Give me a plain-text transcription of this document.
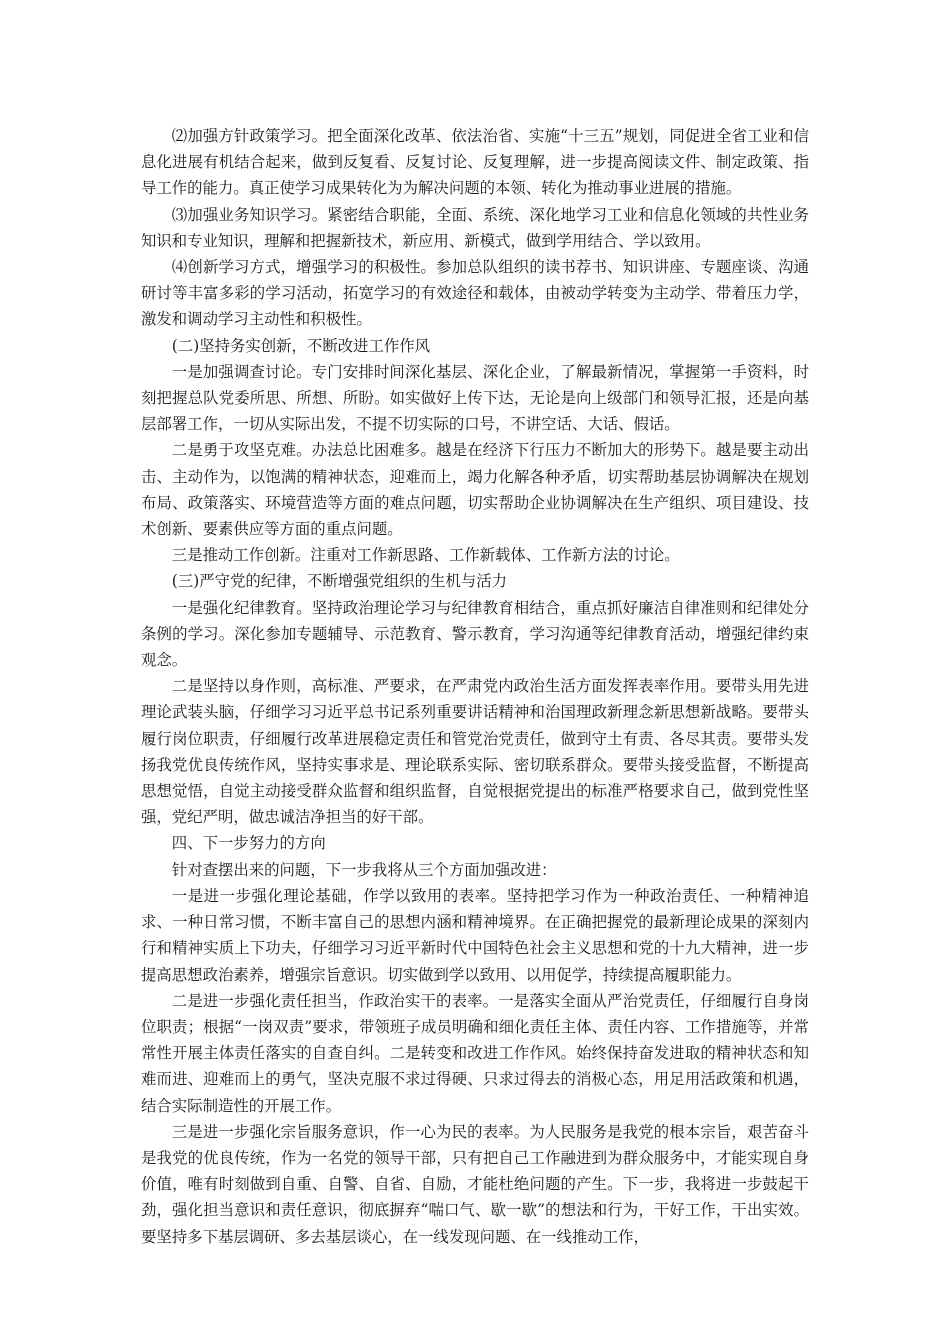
⑵加强方针政策学习。把全面深化改革、依法治省、实施“十三五”规划，同促进全省工业和信息化进展有机结合起来，做到反复看、反复讨论、反复理解，进一步提高阅读文件、制定政策、指导工作的能力。真正使学习成果转化为为解决问题的本领、转化为推动事业进展的措施。

⑶加强业务知识学习。紧密结合职能，全面、系统、深化地学习工业和信息化领域的共性业务知识和专业知识，理解和把握新技术，新应用、新模式，做到学用结合、学以致用。

⑷创新学习方式，增强学习的积极性。参加总队组织的读书荐书、知识讲座、专题座谈、沟通研讨等丰富多彩的学习活动，拓宽学习的有效途径和载体，由被动学转变为主动学、带着压力学，激发和调动学习主动性和积极性。

(二)坚持务实创新，不断改进工作作风

一是加强调查讨论。专门安排时间深化基层、深化企业，了解最新情况，掌握第一手资料，时刻把握总队党委所思、所想、所盼。如实做好上传下达，无论是向上级部门和领导汇报，还是向基层部署工作，一切从实际出发，不提不切实际的口号，不讲空话、大话、假话。

二是勇于攻坚克难。办法总比困难多。越是在经济下行压力不断加大的形势下。越是要主动出击、主动作为，以饱满的精神状态，迎难而上，竭力化解各种矛盾，切实帮助基层协调解决在规划布局、政策落实、环境营造等方面的难点问题，切实帮助企业协调解决在生产组织、项目建设、技术创新、要素供应等方面的重点问题。

三是推动工作创新。注重对工作新思路、工作新载体、工作新方法的讨论。

(三)严守党的纪律，不断增强党组织的生机与活力

一是强化纪律教育。坚持政治理论学习与纪律教育相结合，重点抓好廉洁自律准则和纪律处分条例的学习。深化参加专题辅导、示范教育、警示教育，学习沟通等纪律教育活动，增强纪律约束观念。

二是坚持以身作则，高标准、严要求，在严肃党内政治生活方面发挥表率作用。要带头用先进理论武装头脑，仔细学习习近平总书记系列重要讲话精神和治国理政新理念新思想新战略。要带头履行岗位职责，仔细履行改革进展稳定责任和管党治党责任，做到守土有责、各尽其责。要带头发扬我党优良传统作风，坚持实事求是、理论联系实际、密切联系群众。要带头接受监督，不断提高思想觉悟，自觉主动接受群众监督和组织监督，自觉根据党提出的标准严格要求自己，做到党性坚强，党纪严明，做忠诚洁净担当的好干部。

四、下一步努力的方向

针对查摆出来的问题，下一步我将从三个方面加强改进：

一是进一步强化理论基础，作学以致用的表率。坚持把学习作为一种政治责任、一种精神追求、一种日常习惯，不断丰富自己的思想内涵和精神境界。在正确把握党的最新理论成果的深刻内行和精神实质上下功夫，仔细学习习近平新时代中国特色社会主义思想和党的十九大精神，进一步提高思想政治素养，增强宗旨意识。切实做到学以致用、以用促学，持续提高履职能力。

二是进一步强化责任担当，作政治实干的表率。一是落实全面从严治党责任，仔细履行自身岗位职责；根据“一岗双责”要求，带领班子成员明确和细化责任主体、责任内容、工作措施等，并常常性开展主体责任落实的自查自纠。二是转变和改进工作作风。始终保持奋发进取的精神状态和知难而进、迎难而上的勇气，坚决克服不求过得硬、只求过得去的消极心态，用足用活政策和机遇，结合实际制造性的开展工作。

三是进一步强化宗旨服务意识，作一心为民的表率。为人民服务是我党的根本宗旨，艰苦奋斗是我党的优良传统，作为一名党的领导干部，只有把自己工作融进到为群众服务中，才能实现自身价值，唯有时刻做到自重、自警、自省、自励，才能杜绝问题的产生。下一步，我将进一步鼓起干劲，强化担当意识和责任意识，彻底摒弃“喘口气、歇一歇”的想法和行为，干好工作，干出实效。要坚持多下基层调研、多去基层谈心，在一线发现问题、在一线推动工作，
